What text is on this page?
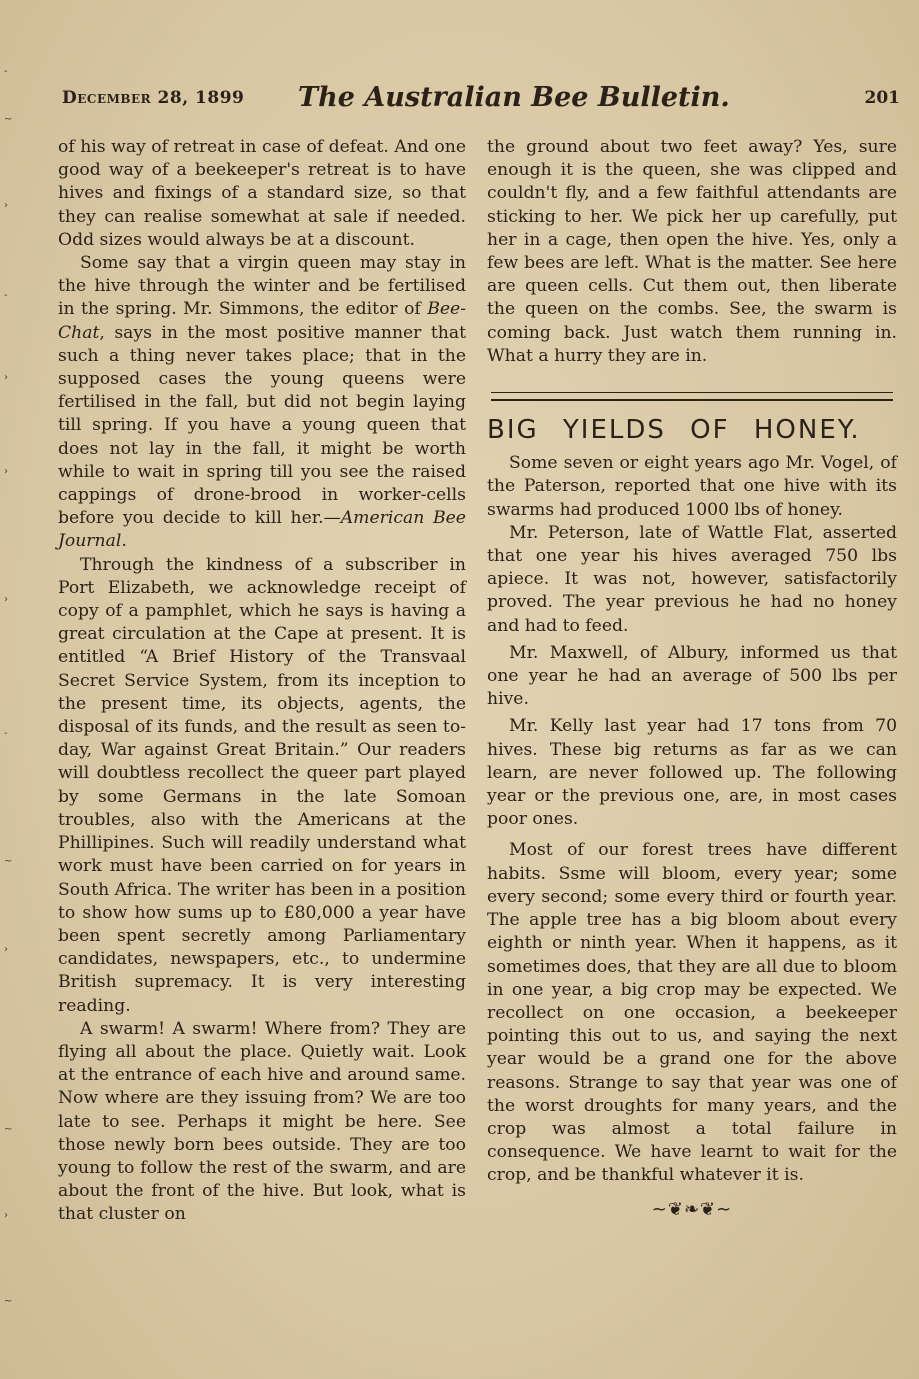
-
~
›
-
›
›
›
-
~
›
~
›
~
December 28, 1899 The Australian Bee Bulletin.	201

of his way of retreat in case of defeat. And one good way of a beekeeper's retreat is to have hives and fixings of a standard size, so that they can realise somewhat at sale if needed. Odd sizes would always be at a discount.

Some say that a virgin queen may stay in the hive through the winter and be fertilised in the spring. Mr. Simmons, the editor of Bee-Chat, says in the most positive manner that such a thing never takes place; that in the supposed cases the young queens were fertilised in the fall, but did not begin laying till spring. If you have a young queen that does not lay in the fall, it might be worth while to wait in spring till you see the raised cappings of drone-brood in worker-cells before you decide to kill her.—American Bee Journal.

Through the kindness of a subscriber in Port Elizabeth, we acknowledge receipt of copy of a pamphlet, which he says is having a great circulation at the Cape at present. It is entitled “A Brief History of the Transvaal Secret Service System, from its inception to the present time, its objects, agents, the disposal of its funds, and the result as seen to-day, War against Great Britain.” Our readers will doubtless recollect the queer part played by some Germans in the late Somoan troubles, also with the Americans at the Phillipines. Such will readily understand what work must have been carried on for years in South Africa. The writer has been in a position to show how sums up to £80,000 a year have been spent secretly among Parliamentary candidates, newspapers, etc., to undermine British supremacy. It is very interesting reading.

A swarm! A swarm! Where from? They are flying all about the place. Quietly wait. Look at the entrance of each hive and around same. Now where are they issuing from? We are too late to see. Perhaps it might be here. See those newly born bees outside. They are too young to follow the rest of the swarm, and are about the front of the hive. But look, what is that cluster on

the ground about two feet away? Yes, sure enough it is the queen, she was clipped and couldn't fly, and a few faithful attendants are sticking to her. We pick her up carefully, put her in a cage, then open the hive. Yes, only a few bees are left. What is the matter. See here are queen cells. Cut them out, then liberate the queen on the combs. See, the swarm is coming back. Just watch them running in. What a hurry they are in.

BIG YIELDS OF HONEY.

Some seven or eight years ago Mr. Vogel, of the Paterson, reported that one hive with its swarms had produced 1000 lbs of honey.

Mr. Peterson, late of Wattle Flat, asserted that one year his hives averaged 750 lbs apiece. It was not, however, satisfactorily proved. The year previous he had no honey and had to feed.

Mr. Maxwell, of Albury, informed us that one year he had an average of 500 lbs per hive.

Mr. Kelly last year had 17 tons from 70 hives. These big returns as far as we can learn, are never followed up. The following year or the previous one, are, in most cases poor ones.

Most of our forest trees have different habits. Ssme will bloom, every year; some every second; some every third or fourth year. The apple tree has a big bloom about every eighth or ninth year. When it happens, as it sometimes does, that they are all due to bloom in one year, a big crop may be expected. We recollect on one occasion, a beekeeper pointing this out to us, and saying the next year would be a grand one for the above reasons. Strange to say that year was one of the worst droughts for many years, and the crop was almost a total failure in consequence. We have learnt to wait for the crop, and be thankful whatever it is.

~❦❧❦~
